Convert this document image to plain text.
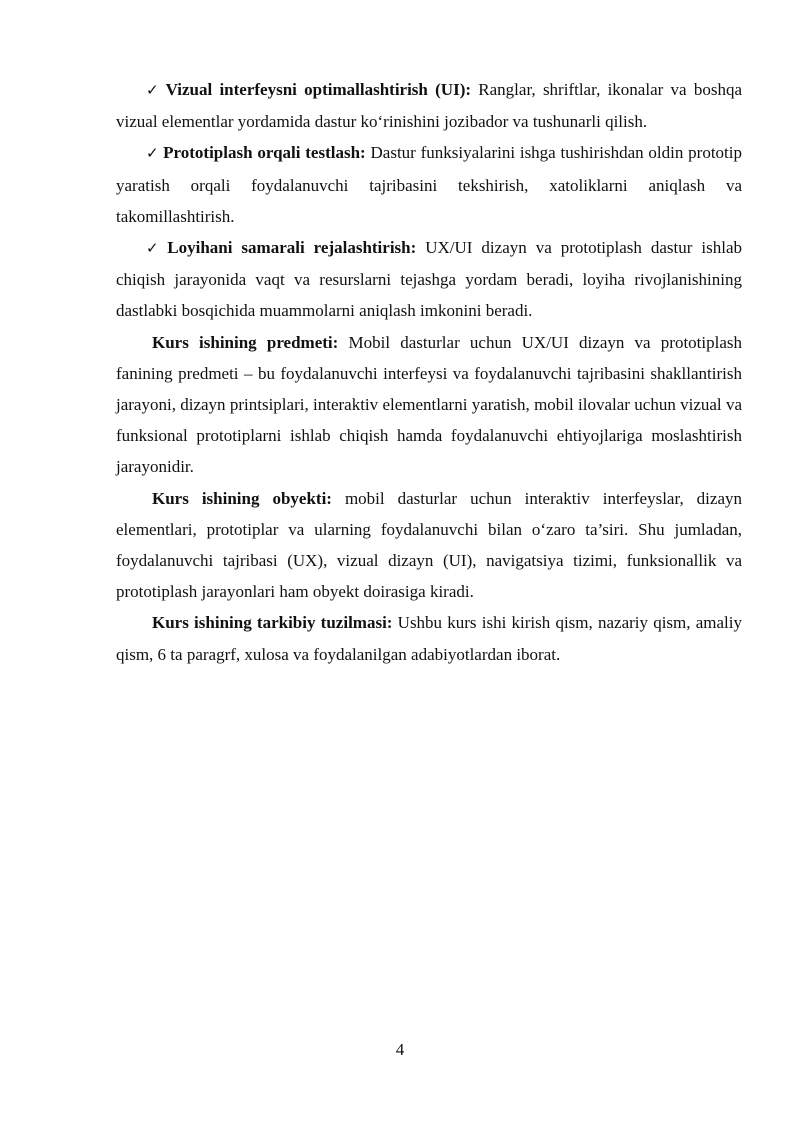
✓ Vizual interfeysni optimallashtirish (UI): Ranglar, shriftlar, ikonalar va boshqa vizual elementlar yordamida dastur ko‘rinishini jozibador va tushunarli qilish.

✓ Prototiplash orqali testlash: Dastur funksiyalarini ishga tushirishdan oldin prototip yaratish orqali foydalanuvchi tajribasini tekshirish, xatoliklarni aniqlash va takomillashtirish.

✓ Loyihani samarali rejalashtirish: UX/UI dizayn va prototiplash dastur ishlab chiqish jarayonida vaqt va resurslarni tejashga yordam beradi, loyiha rivojlanishining dastlabki bosqichida muammolarni aniqlash imkonini beradi.

Kurs ishining predmeti: Mobil dasturlar uchun UX/UI dizayn va prototiplash fanining predmeti – bu foydalanuvchi interfeysi va foydalanuvchi tajribasini shakllantirish jarayoni, dizayn printsiplari, interaktiv elementlarni yaratish, mobil ilovalar uchun vizual va funksional prototiplarni ishlab chiqish hamda foydalanuvchi ehtiyojlariga moslashtirish jarayonidir.

Kurs ishining obyekti: mobil dasturlar uchun interaktiv interfeyslar, dizayn elementlari, prototiplar va ularning foydalanuvchi bilan o‘zaro ta’siri. Shu jumladan, foydalanuvchi tajribasi (UX), vizual dizayn (UI), navigatsiya tizimi, funksionallik va prototiplash jarayonlari ham obyekt doirasiga kiradi.

Kurs ishining tarkibiy tuzilmasi: Ushbu kurs ishi kirish qism, nazariy qism, amaliy qism, 6 ta paragrf, xulosa va foydalanilgan adabiyotlardan iborat.

4
